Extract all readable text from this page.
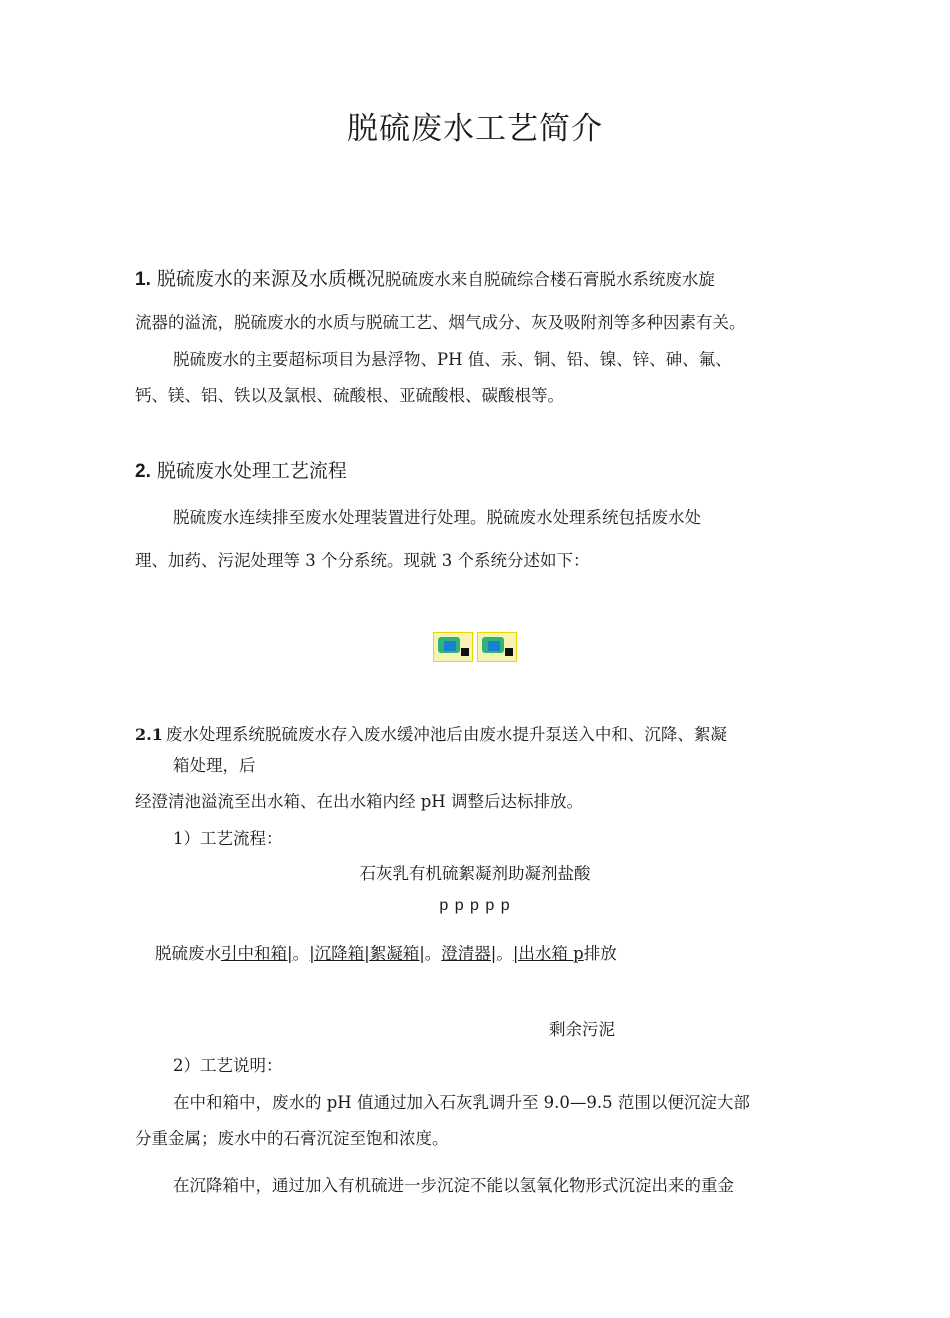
脱硫废水工艺简介
1. 脱硫废水的来源及水质概况脱硫废水来自脱硫综合楼石膏脱水系统废水旋
流器的溢流，脱硫废水的水质与脱硫工艺、烟气成分、灰及吸附剂等多种因素有关。
脱硫废水的主要超标项目为悬浮物、PH 值、汞、铜、铅、镍、锌、砷、氟、
钙、镁、铝、铁以及氯根、硫酸根、亚硫酸根、碳酸根等。
2. 脱硫废水处理工艺流程
脱硫废水连续排至废水处理装置进行处理。脱硫废水处理系统包括废水处
理、加药、污泥处理等 3 个分系统。现就 3 个系统分述如下：
2.1 废水处理系统脱硫废水存入废水缓冲池后由废水提升泵送入中和、沉降、絮凝
箱处理，后
经澄清池溢流至出水箱、在出水箱内经 pH 调整后达标排放。
1）工艺流程：
石灰乳有机硫絮凝剂助凝剂盐酸
p p p p p
脱硫废水引中和箱|。|沉降箱|絮凝箱|。澄清器|。|出水箱 p排放
剩余污泥
2）工艺说明：
在中和箱中，废水的 pH 值通过加入石灰乳调升至 9.0—9.5 范围以便沉淀大部
分重金属；废水中的石膏沉淀至饱和浓度。
在沉降箱中，通过加入有机硫进一步沉淀不能以氢氧化物形式沉淀出来的重金
